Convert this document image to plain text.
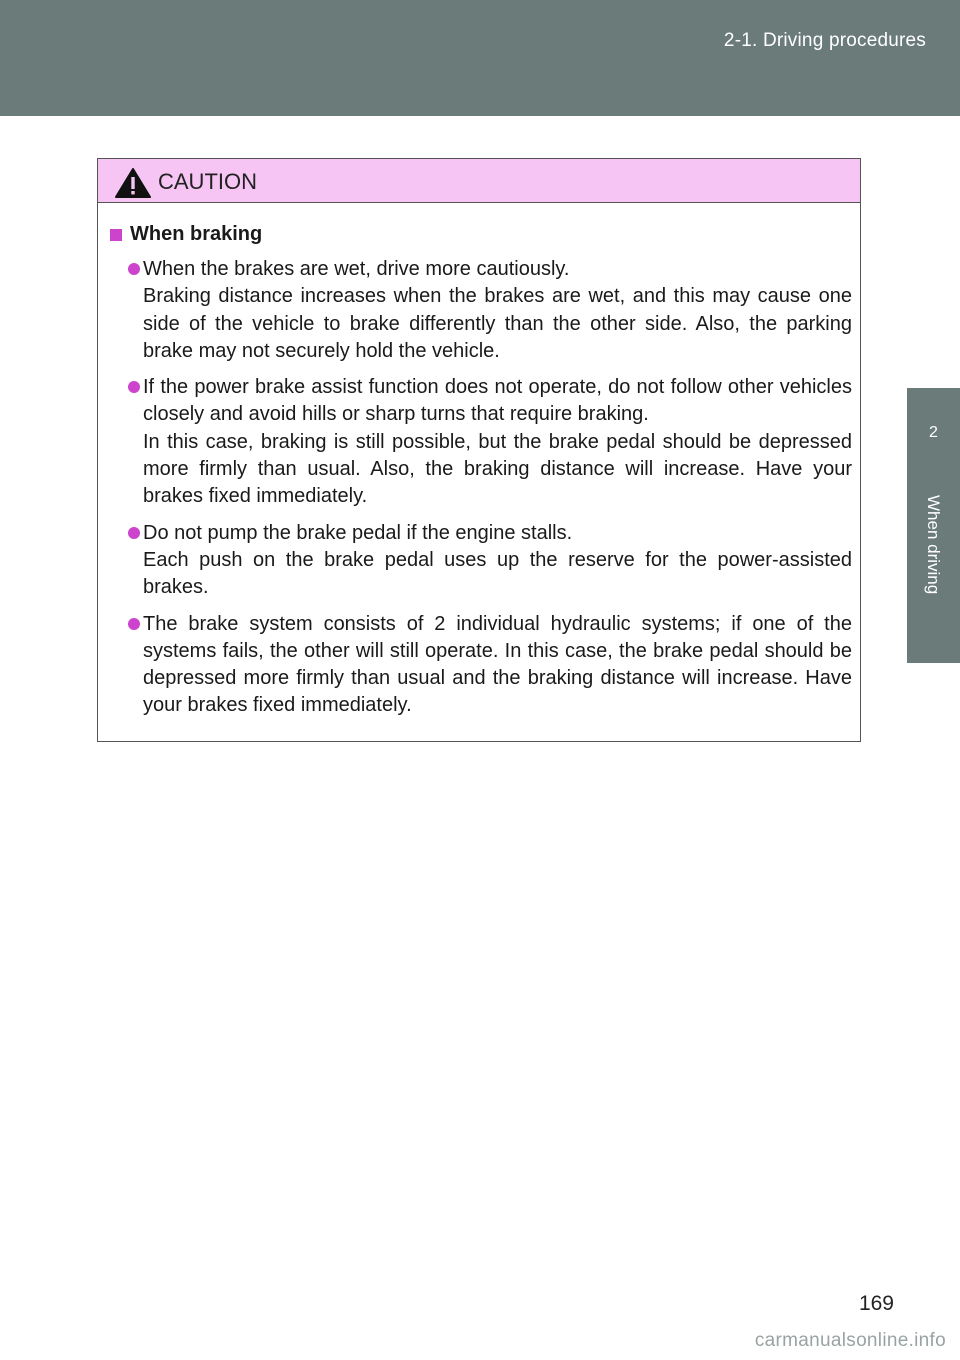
2-1. Driving procedures
2
When driving
CAUTION
When braking

When the brakes are wet, drive more cautiously.

Braking distance increases when the brakes are wet, and this may cause one side of the vehicle to brake differently than the other side. Also, the parking brake may not securely hold the vehicle.

If the power brake assist function does not operate, do not follow other vehicles closely and avoid hills or sharp turns that require braking.

In this case, braking is still possible, but the brake pedal should be depressed more firmly than usual. Also, the braking distance will increase. Have your brakes fixed immediately.

Do not pump the brake pedal if the engine stalls.

Each push on the brake pedal uses up the reserve for the power-assisted brakes.

The brake system consists of 2 individual hydraulic systems; if one of the systems fails, the other will still operate. In this case, the brake pedal should be depressed more firmly than usual and the braking distance will increase. Have your brakes fixed immediately.

169
carmanualsonline.info
